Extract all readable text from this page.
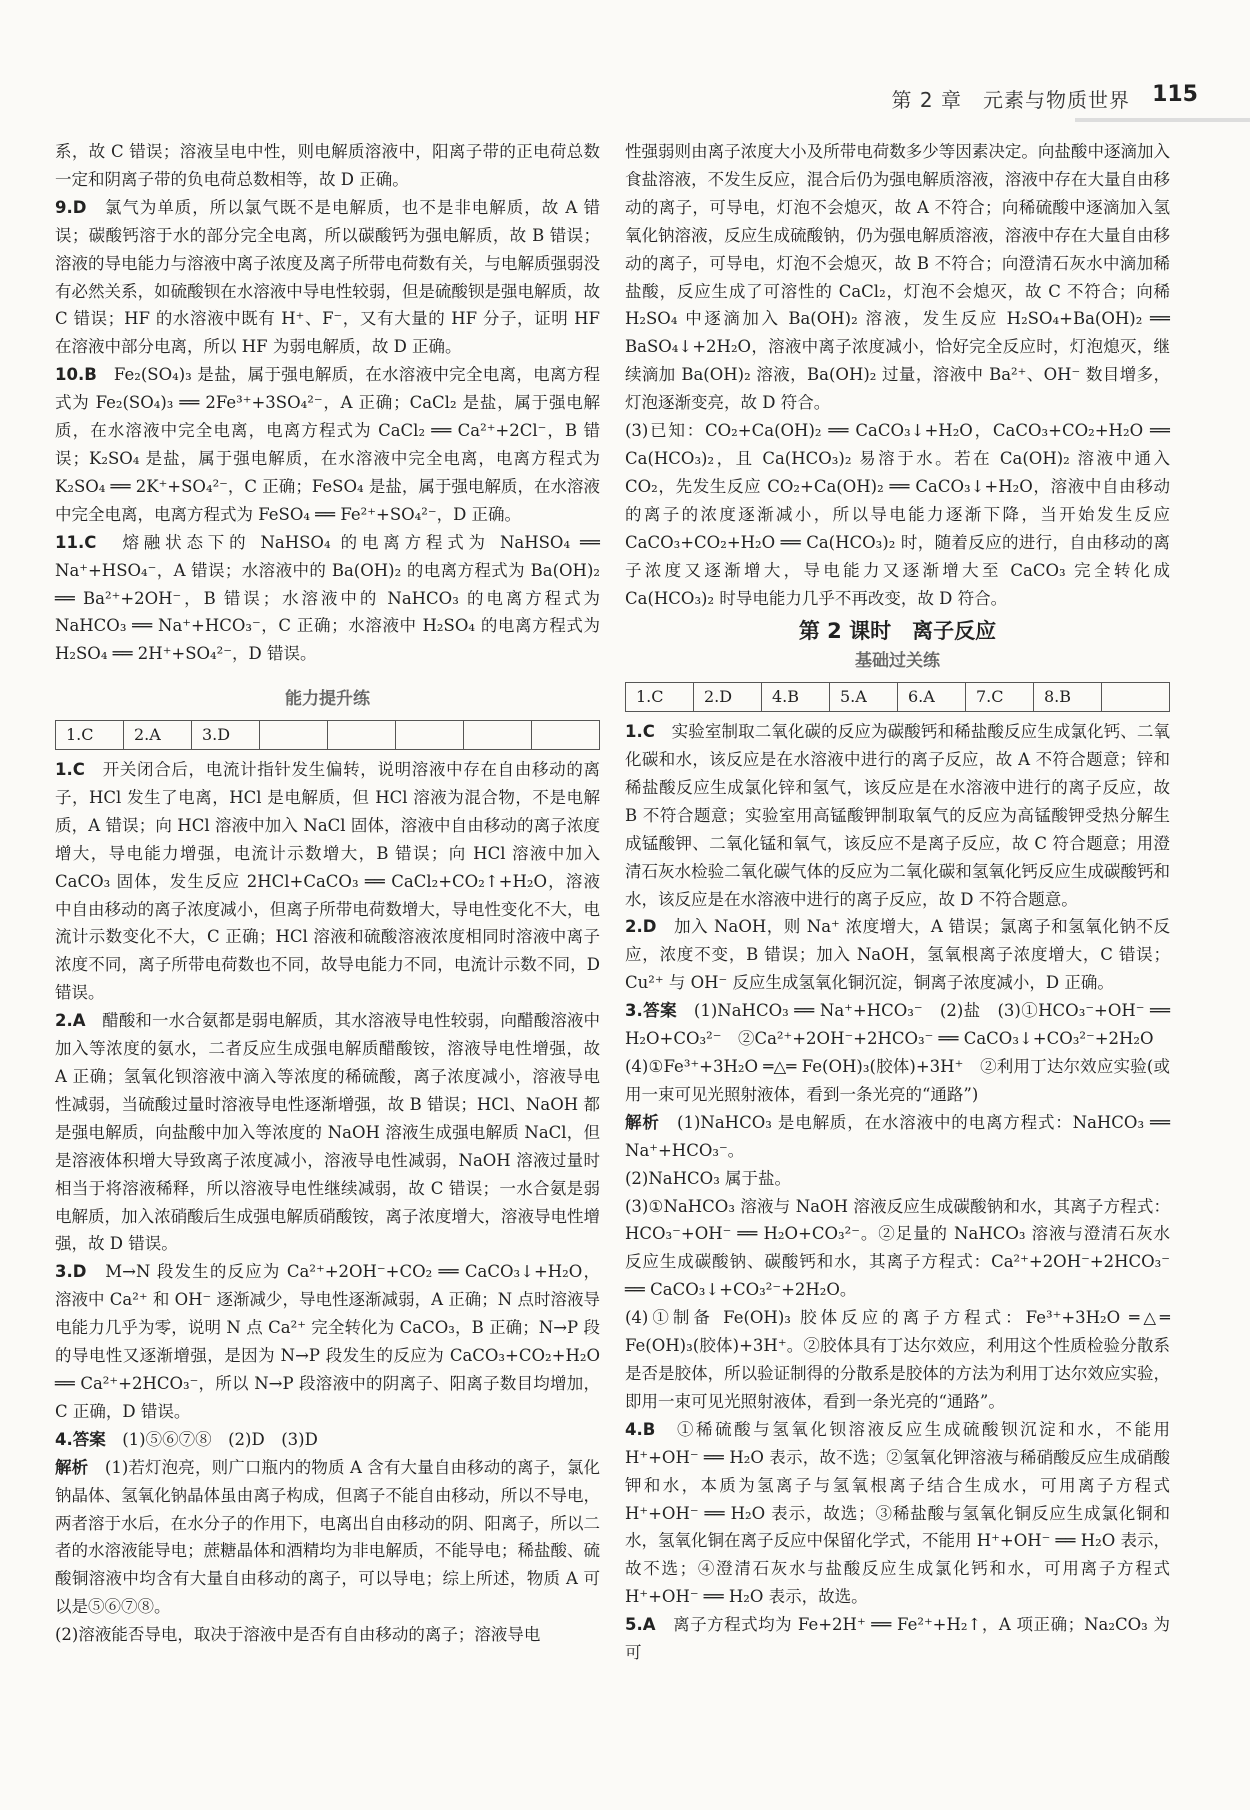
第 2 章　元素与物质世界 115

系，故 C 错误；溶液呈电中性，则电解质溶液中，阳离子带的正电荷总数一定和阴离子带的负电荷总数相等，故 D 正确。

9.D　 氯气为单质，所以氯气既不是电解质，也不是非电解质，故 A 错误；碳酸钙溶于水的部分完全电离，所以碳酸钙为强电解质，故 B 错误；溶液的导电能力与溶液中离子浓度及离子所带电荷数有关，与电解质强弱没有必然关系，如硫酸钡在水溶液中导电性较弱，但是硫酸钡是强电解质，故 C 错误；HF 的水溶液中既有 H⁺、F⁻，又有大量的 HF 分子，证明 HF 在溶液中部分电离，所以 HF 为弱电解质，故 D 正确。

10.B　 Fe₂(SO₄)₃ 是盐，属于强电解质，在水溶液中完全电离，电离方程式为 Fe₂(SO₄)₃ ══ 2Fe³⁺+3SO₄²⁻，A 正确；CaCl₂ 是盐，属于强电解质，在水溶液中完全电离，电离方程式为 CaCl₂ ══ Ca²⁺+2Cl⁻，B 错误；K₂SO₄ 是盐，属于强电解质，在水溶液中完全电离，电离方程式为 K₂SO₄ ══ 2K⁺+SO₄²⁻，C 正确；FeSO₄ 是盐，属于强电解质，在水溶液中完全电离，电离方程式为 FeSO₄ ══ Fe²⁺+SO₄²⁻，D 正确。

11.C　 熔融状态下的 NaHSO₄ 的电离方程式为 NaHSO₄ ══ Na⁺+HSO₄⁻，A 错误；水溶液中的 Ba(OH)₂ 的电离方程式为 Ba(OH)₂ ══ Ba²⁺+2OH⁻，B 错误；水溶液中的 NaHCO₃ 的电离方程式为 NaHCO₃ ══ Na⁺+HCO₃⁻，C 正确；水溶液中 H₂SO₄ 的电离方程式为 H₂SO₄ ══ 2H⁺+SO₄²⁻，D 错误。

能力提升练
1.C	2.A	3.D					

1.C　 开关闭合后，电流计指针发生偏转，说明溶液中存在自由移动的离子，HCl 发生了电离，HCl 是电解质，但 HCl 溶液为混合物，不是电解质，A 错误；向 HCl 溶液中加入 NaCl 固体，溶液中自由移动的离子浓度增大，导电能力增强，电流计示数增大，B 错误；向 HCl 溶液中加入 CaCO₃ 固体，发生反应 2HCl+CaCO₃ ══ CaCl₂+CO₂↑+H₂O，溶液中自由移动的离子浓度减小，但离子所带电荷数增大，导电性变化不大，电流计示数变化不大，C 正确；HCl 溶液和硫酸溶液浓度相同时溶液中离子浓度不同，离子所带电荷数也不同，故导电能力不同，电流计示数不同，D 错误。

2.A　 醋酸和一水合氨都是弱电解质，其水溶液导电性较弱，向醋酸溶液中加入等浓度的氨水，二者反应生成强电解质醋酸铵，溶液导电性增强，故 A 正确；氢氧化钡溶液中滴入等浓度的稀硫酸，离子浓度减小，溶液导电性减弱，当硫酸过量时溶液导电性逐渐增强，故 B 错误；HCl、NaOH 都是强电解质，向盐酸中加入等浓度的 NaOH 溶液生成强电解质 NaCl，但是溶液体积增大导致离子浓度减小，溶液导电性减弱，NaOH 溶液过量时相当于将溶液稀释，所以溶液导电性继续减弱，故 C 错误；一水合氨是弱电解质，加入浓硝酸后生成强电解质硝酸铵，离子浓度增大，溶液导电性增强，故 D 错误。

3.D　 M→N 段发生的反应为 Ca²⁺+2OH⁻+CO₂ ══ CaCO₃↓+H₂O，溶液中 Ca²⁺ 和 OH⁻ 逐渐减少，导电性逐渐减弱，A 正确；N 点时溶液导电能力几乎为零，说明 N 点 Ca²⁺ 完全转化为 CaCO₃，B 正确；N→P 段的导电性又逐渐增强，是因为 N→P 段发生的反应为 CaCO₃+CO₂+H₂O ══ Ca²⁺+2HCO₃⁻，所以 N→P 段溶液中的阴离子、阳离子数目均增加，C 正确，D 错误。

4.答案　 (1)⑤⑥⑦⑧　(2)D　(3)D

解析　 (1)若灯泡亮，则广口瓶内的物质 A 含有大量自由移动的离子，氯化钠晶体、氢氧化钠晶体虽由离子构成，但离子不能自由移动，所以不导电，两者溶于水后，在水分子的作用下，电离出自由移动的阴、阳离子，所以二者的水溶液能导电；蔗糖晶体和酒精均为非电解质，不能导电；稀盐酸、硫酸铜溶液中均含有大量自由移动的离子，可以导电；综上所述，物质 A 可以是⑤⑥⑦⑧。

(2)溶液能否导电，取决于溶液中是否有自由移动的离子；溶液导电

性强弱则由离子浓度大小及所带电荷数多少等因素决定。向盐酸中逐滴加入食盐溶液，不发生反应，混合后仍为强电解质溶液，溶液中存在大量自由移动的离子，可导电，灯泡不会熄灭，故 A 不符合；向稀硫酸中逐滴加入氢氧化钠溶液，反应生成硫酸钠，仍为强电解质溶液，溶液中存在大量自由移动的离子，可导电，灯泡不会熄灭，故 B 不符合；向澄清石灰水中滴加稀盐酸，反应生成了可溶性的 CaCl₂，灯泡不会熄灭，故 C 不符合；向稀 H₂SO₄ 中逐滴加入 Ba(OH)₂ 溶液，发生反应 H₂SO₄+Ba(OH)₂ ══ BaSO₄↓+2H₂O，溶液中离子浓度减小，恰好完全反应时，灯泡熄灭，继续滴加 Ba(OH)₂ 溶液，Ba(OH)₂ 过量，溶液中 Ba²⁺、OH⁻ 数目增多，灯泡逐渐变亮，故 D 符合。

(3)已知：CO₂+Ca(OH)₂ ══ CaCO₃↓+H₂O，CaCO₃+CO₂+H₂O ══ Ca(HCO₃)₂，且 Ca(HCO₃)₂ 易溶于水。若在 Ca(OH)₂ 溶液中通入 CO₂，先发生反应 CO₂+Ca(OH)₂ ══ CaCO₃↓+H₂O，溶液中自由移动的离子的浓度逐渐减小，所以导电能力逐渐下降，当开始发生反应 CaCO₃+CO₂+H₂O ══ Ca(HCO₃)₂ 时，随着反应的进行，自由移动的离子浓度又逐渐增大，导电能力又逐渐增大至 CaCO₃ 完全转化成 Ca(HCO₃)₂ 时导电能力几乎不再改变，故 D 符合。

第 2 课时　离子反应
基础过关练
1.C	2.D	4.B	5.A	6.A	7.C	8.B	

1.C　 实验室制取二氧化碳的反应为碳酸钙和稀盐酸反应生成氯化钙、二氧化碳和水，该反应是在水溶液中进行的离子反应，故 A 不符合题意；锌和稀盐酸反应生成氯化锌和氢气，该反应是在水溶液中进行的离子反应，故 B 不符合题意；实验室用高锰酸钾制取氧气的反应为高锰酸钾受热分解生成锰酸钾、二氧化锰和氧气，该反应不是离子反应，故 C 符合题意；用澄清石灰水检验二氧化碳气体的反应为二氧化碳和氢氧化钙反应生成碳酸钙和水，该反应是在水溶液中进行的离子反应，故 D 不符合题意。

2.D　 加入 NaOH，则 Na⁺ 浓度增大，A 错误；氯离子和氢氧化钠不反应，浓度不变，B 错误；加入 NaOH，氢氧根离子浓度增大，C 错误；Cu²⁺ 与 OH⁻ 反应生成氢氧化铜沉淀，铜离子浓度减小，D 正确。

3.答案　 (1)NaHCO₃ ══ Na⁺+HCO₃⁻　(2)盐　(3)①HCO₃⁻+OH⁻ ══ H₂O+CO₃²⁻　②Ca²⁺+2OH⁻+2HCO₃⁻ ══ CaCO₃↓+CO₃²⁻+2H₂O

(4)①Fe³⁺+3H₂O ═△═ Fe(OH)₃(胶体)+3H⁺　②利用丁达尔效应实验(或用一束可见光照射液体，看到一条光亮的“通路”)

解析　 (1)NaHCO₃ 是电解质，在水溶液中的电离方程式：NaHCO₃ ══ Na⁺+HCO₃⁻。

(2)NaHCO₃ 属于盐。

(3)①NaHCO₃ 溶液与 NaOH 溶液反应生成碳酸钠和水，其离子方程式：HCO₃⁻+OH⁻ ══ H₂O+CO₃²⁻。②足量的 NaHCO₃ 溶液与澄清石灰水反应生成碳酸钠、碳酸钙和水，其离子方程式：Ca²⁺+2OH⁻+2HCO₃⁻ ══ CaCO₃↓+CO₃²⁻+2H₂O。

(4)①制备 Fe(OH)₃ 胶体反应的离子方程式：Fe³⁺+3H₂O ═△═ Fe(OH)₃(胶体)+3H⁺。②胶体具有丁达尔效应，利用这个性质检验分散系是否是胶体，所以验证制得的分散系是胶体的方法为利用丁达尔效应实验，即用一束可见光照射液体，看到一条光亮的“通路”。

4.B　 ①稀硫酸与氢氧化钡溶液反应生成硫酸钡沉淀和水，不能用 H⁺+OH⁻ ══ H₂O 表示，故不选；②氢氧化钾溶液与稀硝酸反应生成硝酸钾和水，本质为氢离子与氢氧根离子结合生成水，可用离子方程式 H⁺+OH⁻ ══ H₂O 表示，故选；③稀盐酸与氢氧化铜反应生成氯化铜和水，氢氧化铜在离子反应中保留化学式，不能用 H⁺+OH⁻ ══ H₂O 表示，故不选；④澄清石灰水与盐酸反应生成氯化钙和水，可用离子方程式 H⁺+OH⁻ ══ H₂O 表示，故选。

5.A　 离子方程式均为 Fe+2H⁺ ══ Fe²⁺+H₂↑，A 项正确；Na₂CO₃ 为可
